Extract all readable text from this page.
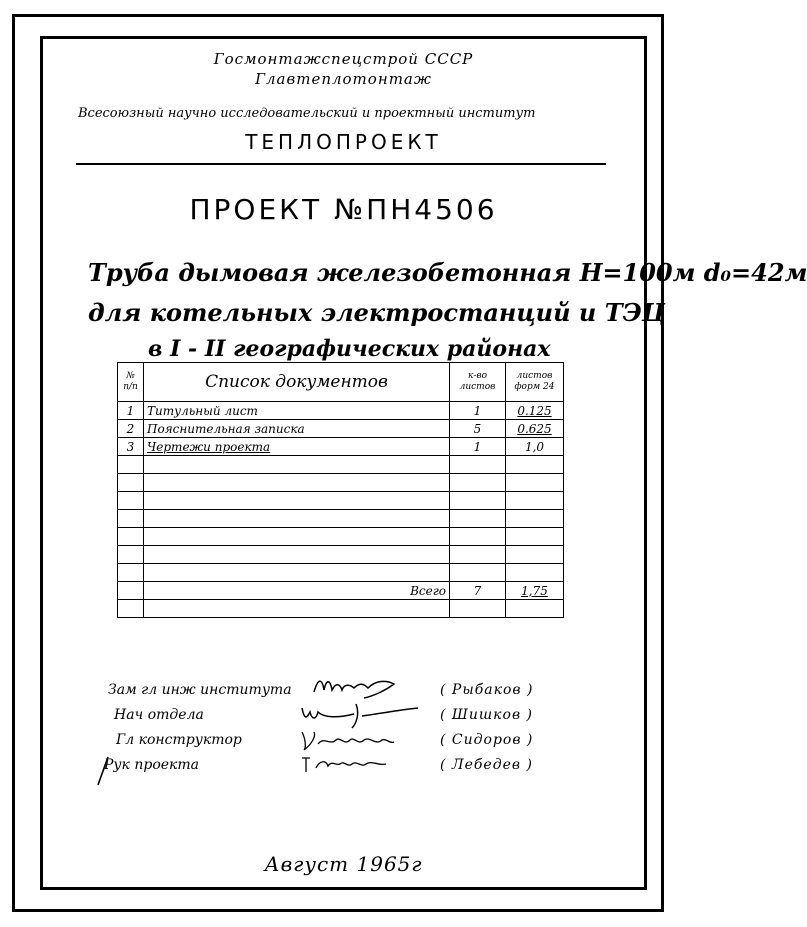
Госмонтажспецстрой СССР
Главтеплomонтаж
Всесоюзный научно исследовательский и проектный институт
ТЕПЛОПРОЕКТ
ПРОЕКТ №ПН4506
Труба дымовая железобетонная H=100м d₀=42м
для котельных электростанций и ТЭЦ
в I - II географических районах
№ п/п	Список документов	к-во листов	листов форм 24
1	Титульный лист	1	0.125
2	Пояснительная записка	5	0.625
3	Чертежи проекта	1	1,0

	Всего	7	1,75

Зам гл инж института
Нач отдела
Гл конструктор
Рук проекта
( Рыбаков )
( Шишков )
( Сидоров )
( Лебедев )
Август 1965г
